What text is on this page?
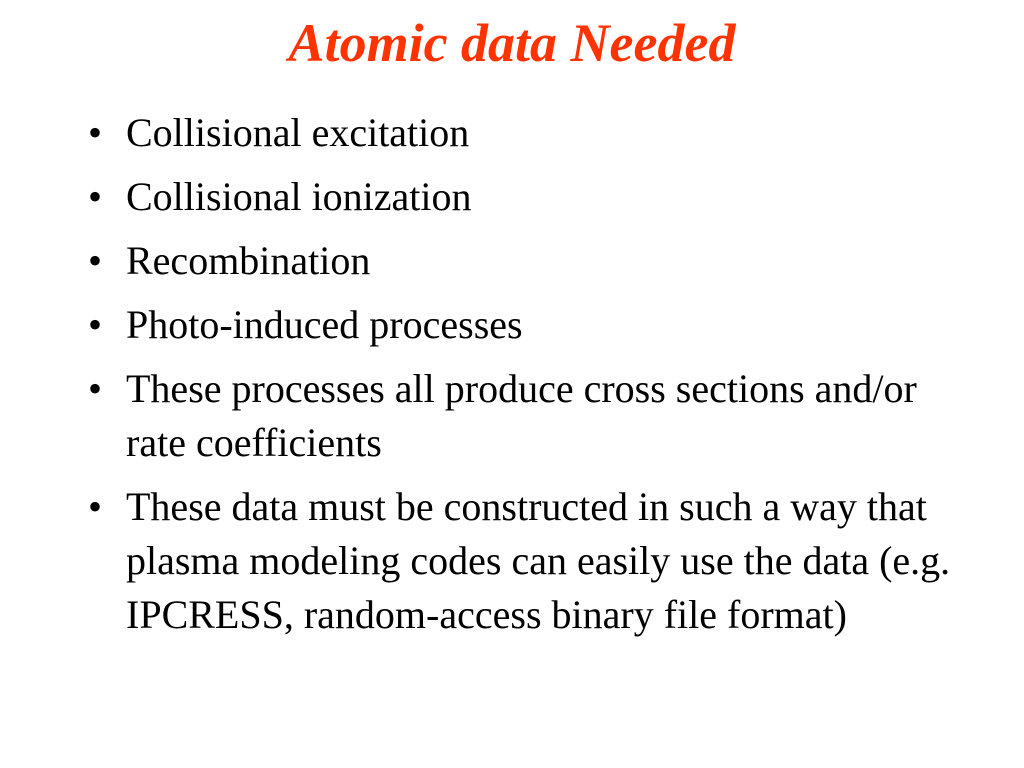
Atomic data Needed
• Collisional excitation
• Collisional ionization
• Recombination
• Photo-induced processes
• These processes all produce cross sections and/or rate coefficients
• These data must be constructed in such a way that plasma modeling codes can easily use the data (e.g. IPCRESS, random-access binary file format)
